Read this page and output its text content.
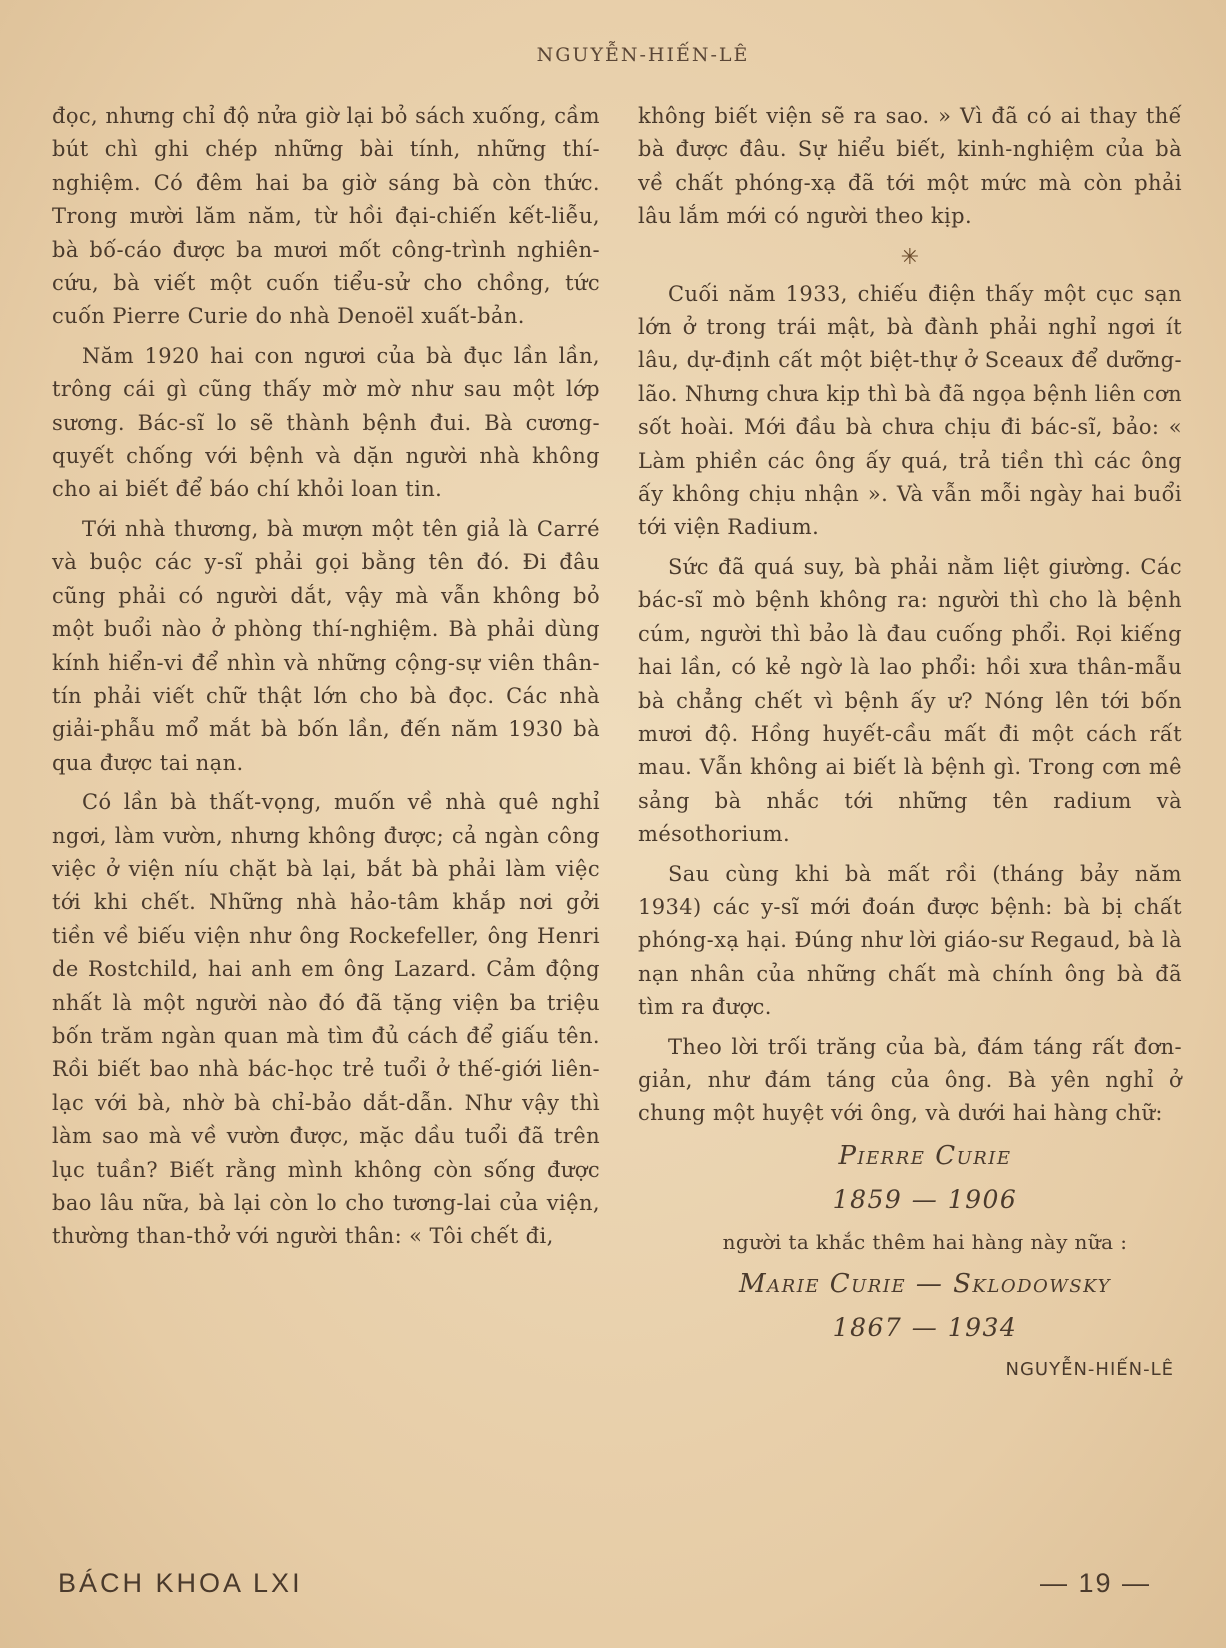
NGUYỄN-HIẾN-LÊ

đọc, nhưng chỉ độ nửa giờ lại bỏ sách xuống, cầm bút chì ghi chép những bài tính, những thí-nghiệm. Có đêm hai ba giờ sáng bà còn thức. Trong mười lăm năm, từ hồi đại-chiến kết-liễu, bà bố-cáo được ba mươi mốt công-trình nghiên-cứu, bà viết một cuốn tiểu-sử cho chồng, tức cuốn Pierre Curie do nhà Denoël xuất-bản.

Năm 1920 hai con ngươi của bà đục lần lần, trông cái gì cũng thấy mờ mờ như sau một lớp sương. Bác-sĩ lo sẽ thành bệnh đui. Bà cương-quyết chống với bệnh và dặn người nhà không cho ai biết để báo chí khỏi loan tin.

Tới nhà thương, bà mượn một tên giả là Carré và buộc các y-sĩ phải gọi bằng tên đó. Đi đâu cũng phải có người dắt, vậy mà vẫn không bỏ một buổi nào ở phòng thí-nghiệm. Bà phải dùng kính hiển-vi để nhìn và những cộng-sự viên thân-tín phải viết chữ thật lớn cho bà đọc. Các nhà giải-phẫu mổ mắt bà bốn lần, đến năm 1930 bà qua được tai nạn.

Có lần bà thất-vọng, muốn về nhà quê nghỉ ngơi, làm vườn, nhưng không được; cả ngàn công việc ở viện níu chặt bà lại, bắt bà phải làm việc tới khi chết. Những nhà hảo-tâm khắp nơi gởi tiền về biếu viện như ông Rockefeller, ông Henri de Rostchild, hai anh em ông Lazard. Cảm động nhất là một người nào đó đã tặng viện ba triệu bốn trăm ngàn quan mà tìm đủ cách để giấu tên. Rồi biết bao nhà bác-học trẻ tuổi ở thế-giới liên-lạc với bà, nhờ bà chỉ-bảo dắt-dẫn. Như vậy thì làm sao mà về vườn được, mặc dầu tuổi đã trên lục tuần? Biết rằng mình không còn sống được bao lâu nữa, bà lại còn lo cho tương-lai của viện, thường than-thở với người thân: « Tôi chết đi,

không biết viện sẽ ra sao. » Vì đã có ai thay thế bà được đâu. Sự hiểu biết, kinh-nghiệm của bà về chất phóng-xạ đã tới một mức mà còn phải lâu lắm mới có người theo kịp.

✳

Cuối năm 1933, chiếu điện thấy một cục sạn lớn ở trong trái mật, bà đành phải nghỉ ngơi ít lâu, dự-định cất một biệt-thự ở Sceaux để dưỡng-lão. Nhưng chưa kịp thì bà đã ngọa bệnh liên cơn sốt hoài. Mới đầu bà chưa chịu đi bác-sĩ, bảo: « Làm phiền các ông ấy quá, trả tiền thì các ông ấy không chịu nhận ». Và vẫn mỗi ngày hai buổi tới viện Radium.

Sức đã quá suy, bà phải nằm liệt giường. Các bác-sĩ mò bệnh không ra: người thì cho là bệnh cúm, người thì bảo là đau cuống phổi. Rọi kiếng hai lần, có kẻ ngờ là lao phổi: hồi xưa thân-mẫu bà chẳng chết vì bệnh ấy ư? Nóng lên tới bốn mươi độ. Hồng huyết-cầu mất đi một cách rất mau. Vẫn không ai biết là bệnh gì. Trong cơn mê sảng bà nhắc tới những tên radium và mésothorium.

Sau cùng khi bà mất rồi (tháng bảy năm 1934) các y-sĩ mới đoán được bệnh: bà bị chất phóng-xạ hại. Đúng như lời giáo-sư Regaud, bà là nạn nhân của những chất mà chính ông bà đã tìm ra được.

Theo lời trối trăng của bà, đám táng rất đơn-giản, như đám táng của ông. Bà yên nghỉ ở chung một huyệt với ông, và dưới hai hàng chữ:

Pierre Curie

1859 — 1906

người ta khắc thêm hai hàng này nữa :

Marie Curie — Sklodowsky

1867 — 1934

NGUYỄN-HIẾN-LÊ

BÁCH KHOA LXI	— 19 —
